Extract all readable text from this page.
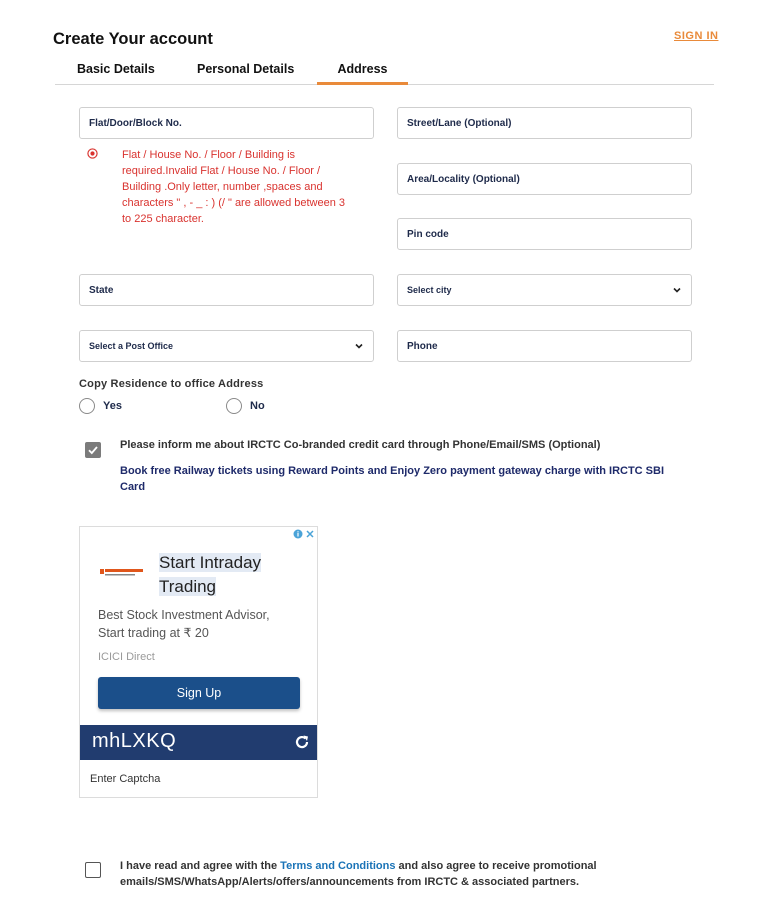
Create Your account	SIGN IN
Basic Details	Personal Details	Address
Flat/Door/Block No.	Street/Lane (Optional)
Flat / House No. / Floor / Building is required.Invalid Flat / House No. / Floor / Building .Only letter, number ,spaces and characters " , - _ : ) (/ " are allowed between 3 to 225 character.
Area/Locality (Optional)
Pin code
State	Select city
Select a Post Office	Phone
Copy Residence to office Address
Yes	No
Please inform me about IRCTC Co-branded credit card through Phone/Email/SMS (Optional)
Book free Railway tickets using Reward Points and Enjoy Zero payment gateway charge with IRCTC SBI Card
Start Intraday
Trading
Best Stock Investment Advisor, Start trading at ₹ 20
ICICI Direct
Sign Up
mhLXKQ
Enter Captcha
I have read and agree with the Terms and Conditions and also agree to receive promotional emails/SMS/WhatsApp/Alerts/offers/announcements from IRCTC & associated partners.
